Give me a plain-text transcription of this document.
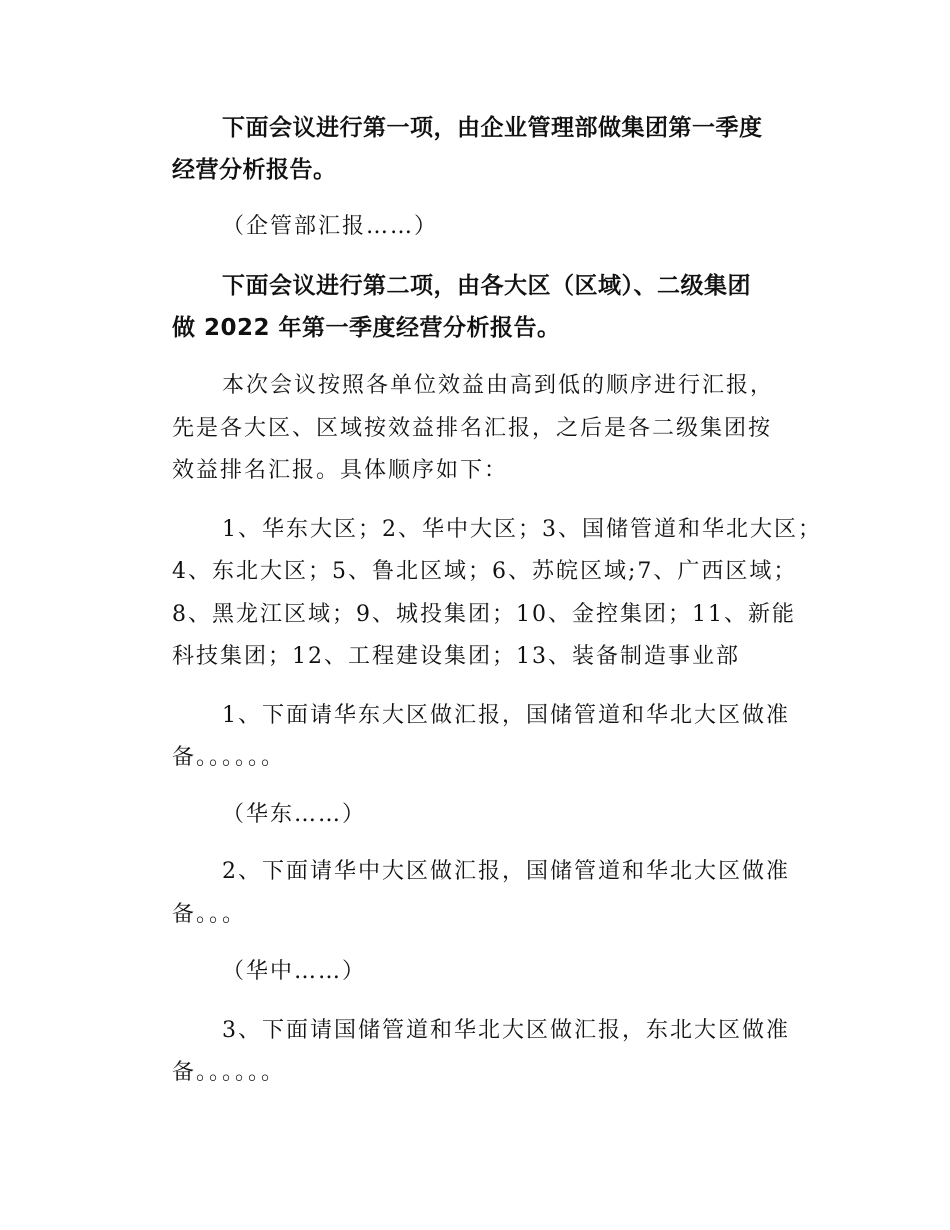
下面会议进行第一项，由企业管理部做集团第一季度
经营分析报告。
（企管部汇报……）
下面会议进行第二项，由各大区（区域）、二级集团
做 2022 年第一季度经营分析报告。
本次会议按照各单位效益由高到低的顺序进行汇报，
先是各大区、区域按效益排名汇报，之后是各二级集团按
效益排名汇报。具体顺序如下：
1、华东大区；2、华中大区；3、国储管道和华北大区；
4、东北大区；5、鲁北区域；6、苏皖区域;7、广西区域；
8、黑龙江区域；9、城投集团；10、金控集团；11、新能
科技集团；12、工程建设集团；13、装备制造事业部
1、下面请华东大区做汇报，国储管道和华北大区做准
备。。。。。。
（华东……）
2、下面请华中大区做汇报，国储管道和华北大区做准
备。。。
（华中……）
3、下面请国储管道和华北大区做汇报，东北大区做准
备。。。。。。
